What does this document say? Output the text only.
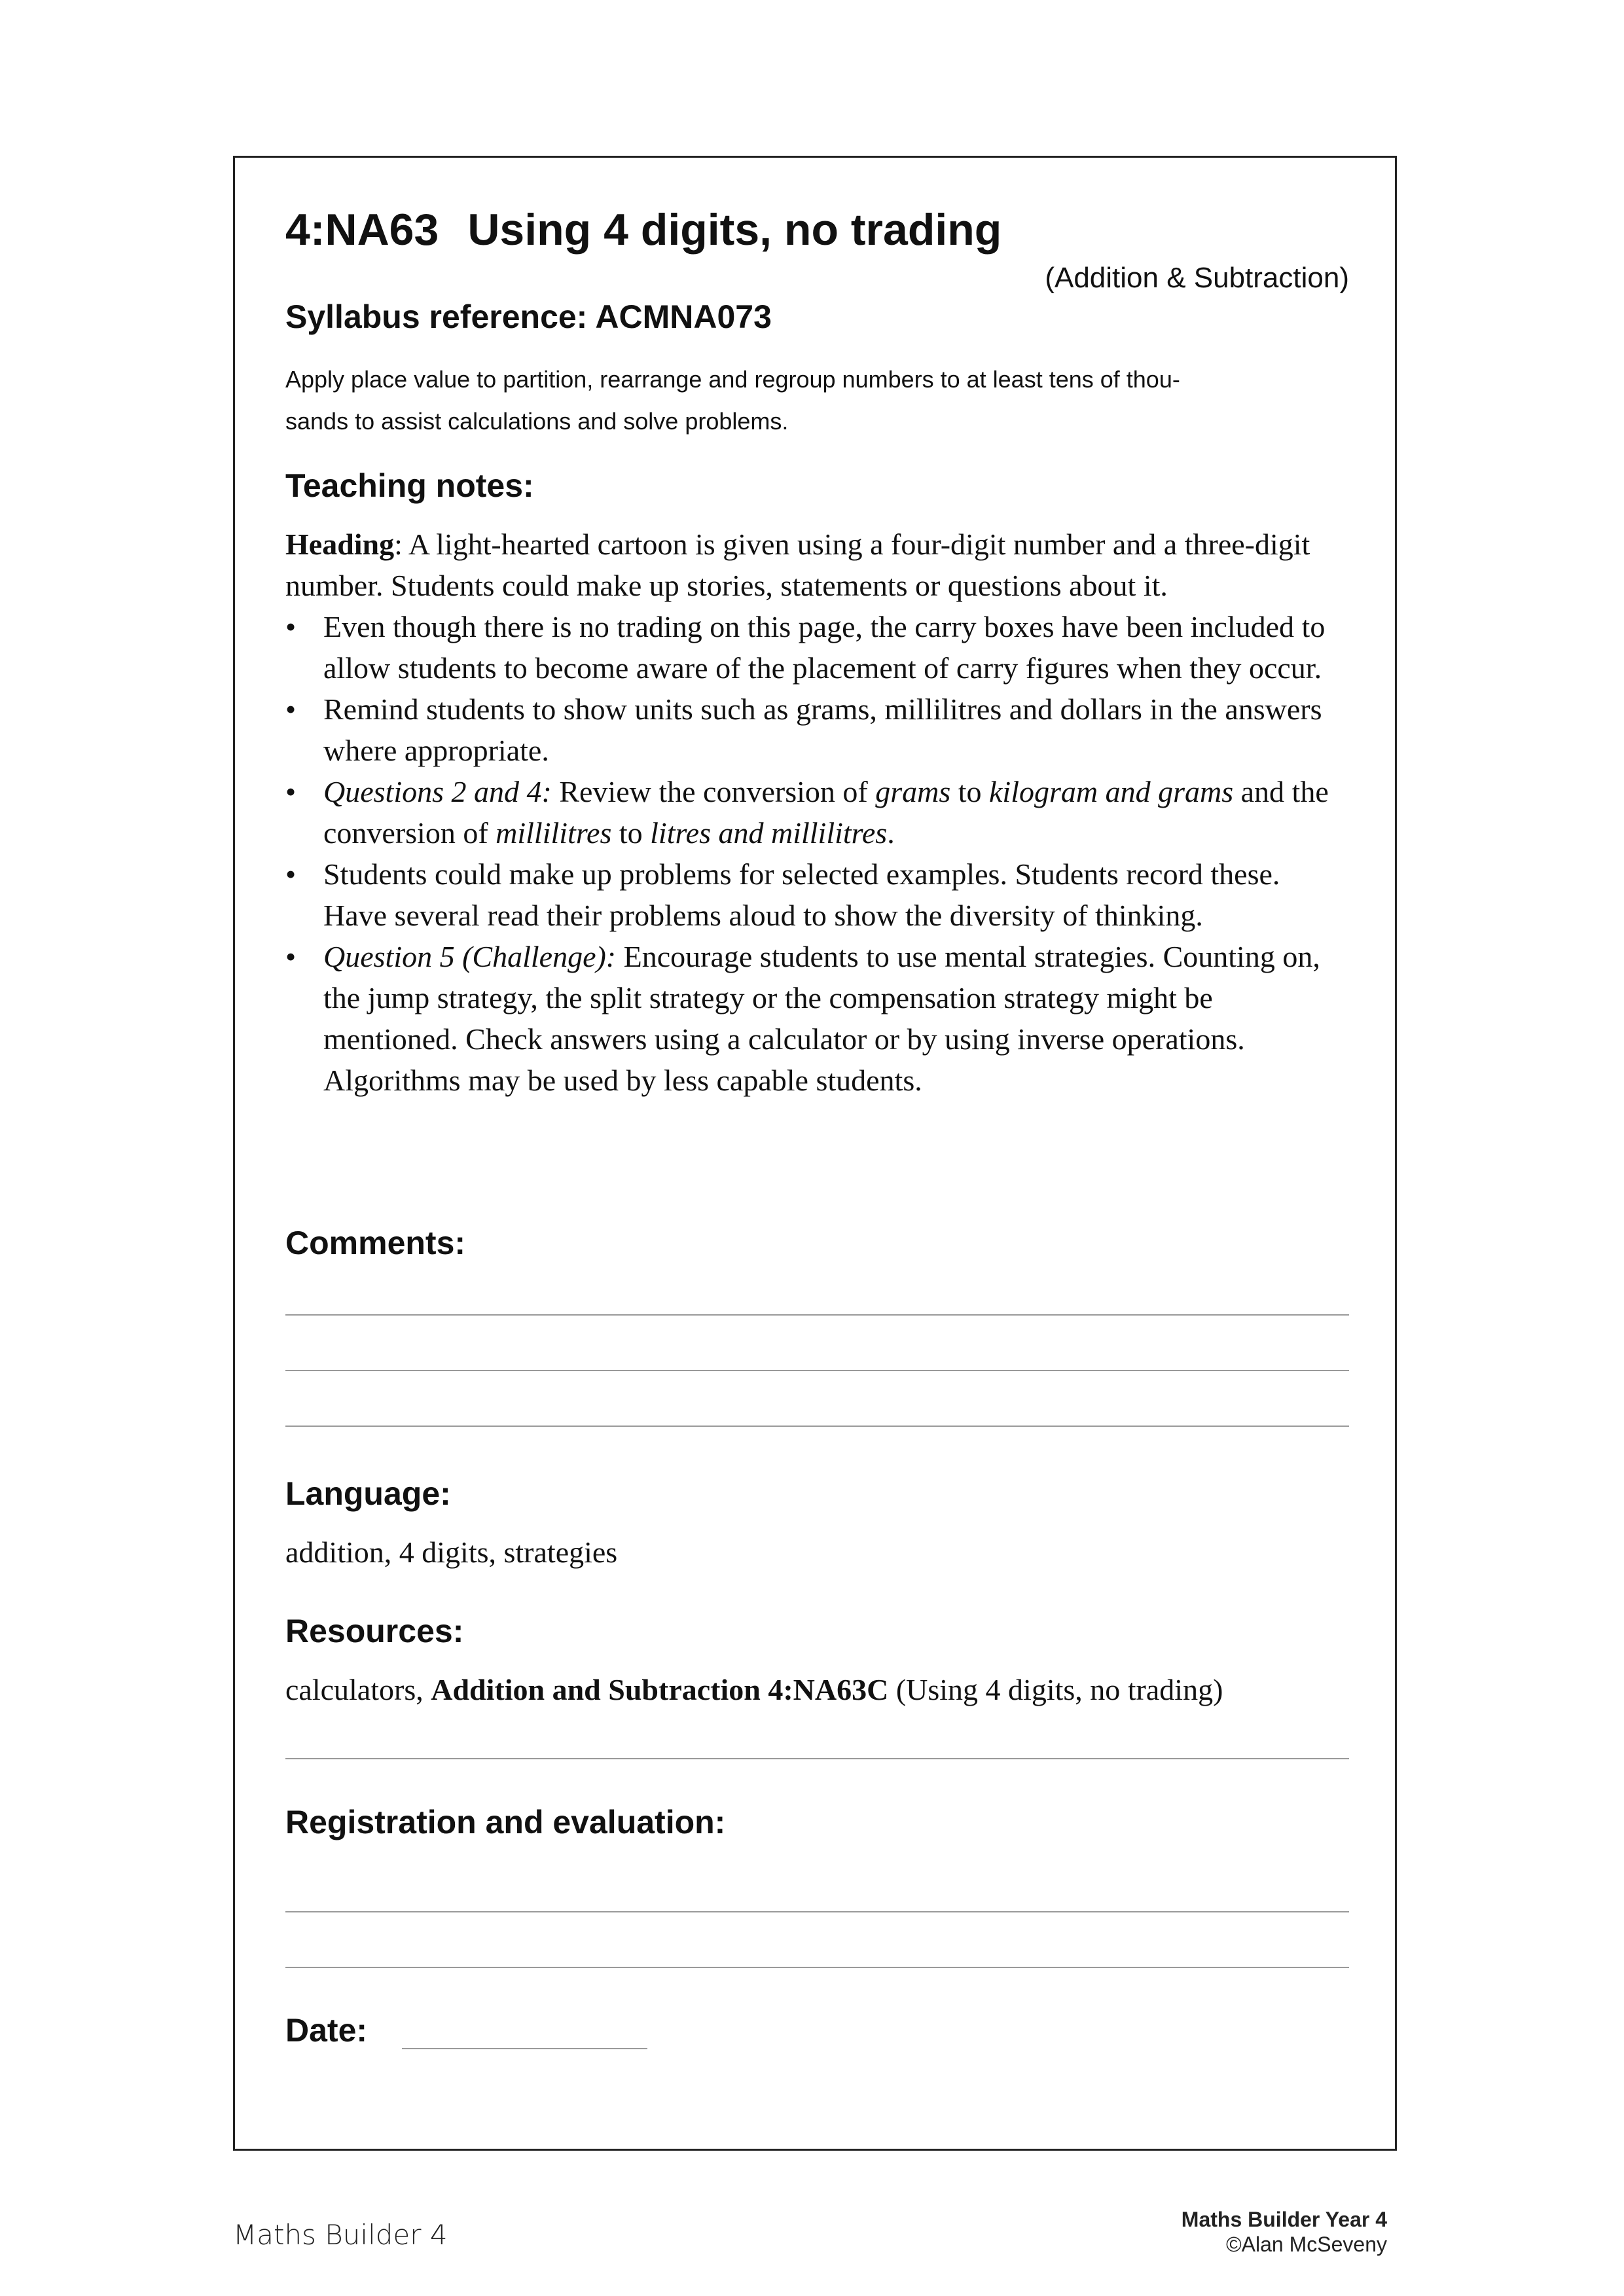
4:NA63 Using 4 digits, no trading
(Addition & Subtraction)
Syllabus reference: ACMNA073
Apply place value to partition, rearrange and regroup numbers to at least tens of thou-
sands to assist calculations and solve problems.
Teaching notes:

Heading: A light-hearted cartoon is given using a four-digit number and a three-digit number. Students could make up stories, statements or questions about it.

• Even though there is no trading on this page, the carry boxes have been included to allow students to become aware of the placement of carry figures when they occur.
• Remind students to show units such as grams, millilitres and dollars in the answers where appropriate.
• Questions 2 and 4: Review the conversion of grams to kilogram and grams and the conversion of millilitres to litres and millilitres.
• Students could make up problems for selected examples. Students record these. Have several read their problems aloud to show the diversity of thinking.
• Question 5 (Challenge): Encourage students to use mental strategies. Counting on, the jump strategy, the split strategy or the compensation strategy might be mentioned. Check answers using a calculator or by using inverse operations. Algorithms may be used by less capable students.
Comments:
Language:
addition, 4 digits, strategies
Resources:
calculators, Addition and Subtraction 4:NA63C (Using 4 digits, no trading)
Registration and evaluation:
Date:
Maths Builder 4	Maths Builder Year 4
©Alan McSeveny
